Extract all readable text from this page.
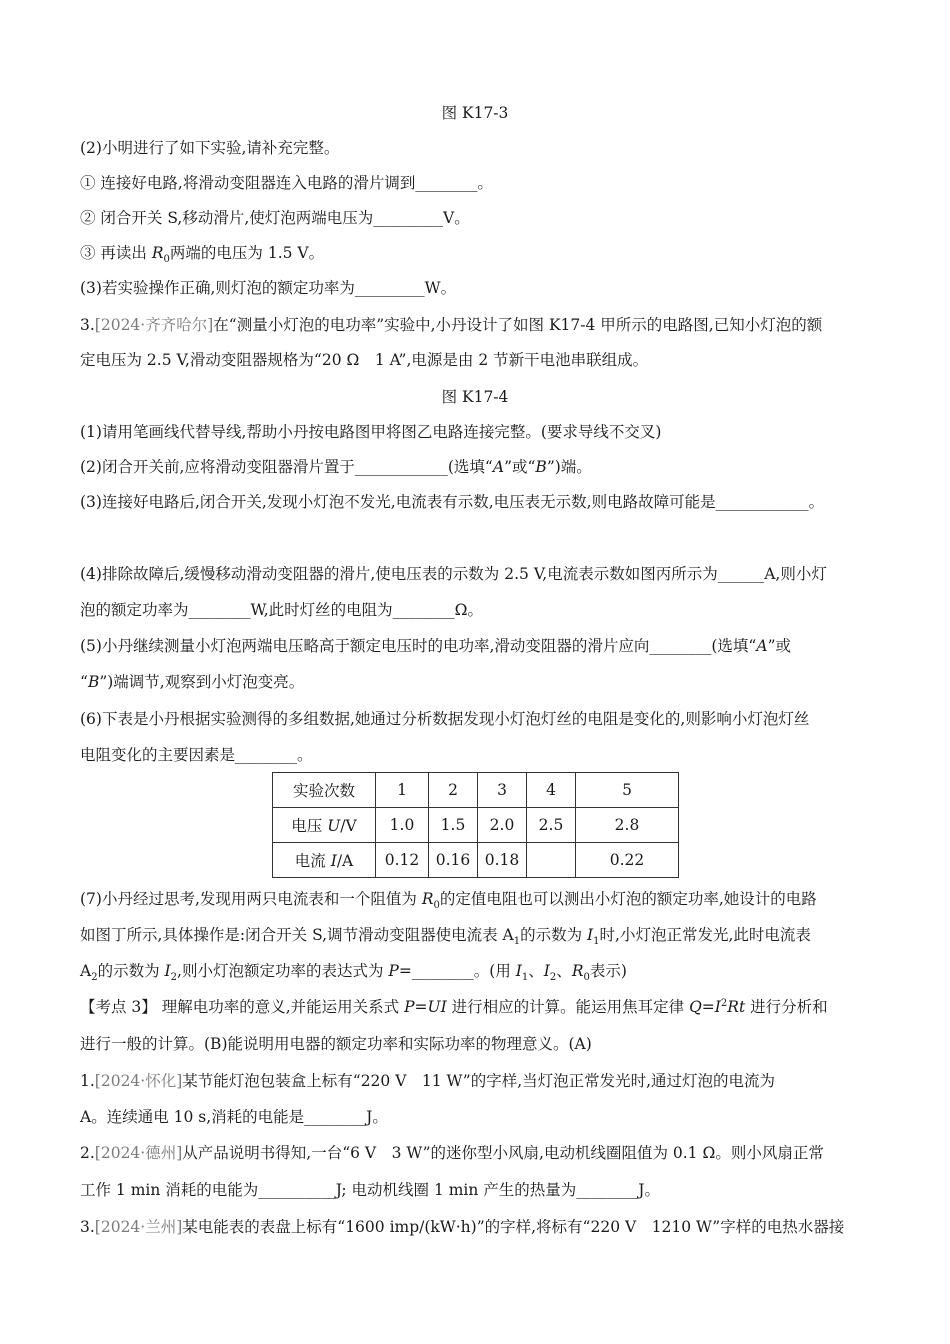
图 K17-3
(2)小明进行了如下实验,请补充完整。
① 连接好电路,将滑动变阻器连入电路的滑片调到________。
② 闭合开关 S,移动滑片,使灯泡两端电压为_________V。
③ 再读出 $R_0$两端的电压为 1.5 V。
(3)若实验操作正确,则灯泡的额定功率为_________W。
3.[2024·齐齐哈尔]在“测量小灯泡的电功率”实验中,小丹设计了如图 K17-4 甲所示的电路图,已知小灯泡的额
定电压为 2.5 V,滑动变阻器规格为“20 Ω　1 A”,电源是由 2 节新干电池串联组成。
图 K17-4
(1)请用笔画线代替导线,帮助小丹按电路图甲将图乙电路连接完整。(要求导线不交叉)
(2)闭合开关前,应将滑动变阻器滑片置于____________(选填“A”或“B”)端。
(3)连接好电路后,闭合开关,发现小灯泡不发光,电流表有示数,电压表无示数,则电路故障可能是____________。
(4)排除故障后,缓慢移动滑动变阻器的滑片,使电压表的示数为 2.5 V,电流表示数如图丙所示为______A,则小灯
泡的额定功率为________W,此时灯丝的电阻为________Ω。
(5)小丹继续测量小灯泡两端电压略高于额定电压时的电功率,滑动变阻器的滑片应向________(选填“A”或
“B”)端调节,观察到小灯泡变亮。
(6)下表是小丹根据实验测得的多组数据,她通过分析数据发现小灯泡灯丝的电阻是变化的,则影响小灯泡灯丝
电阻变化的主要因素是________。
实验次数	1	2	3	4	5
电压 U/V	1.0	1.5	2.0	2.5	2.8
电流 I/A	0.12	0.16	0.18		0.22
(7)小丹经过思考,发现用两只电流表和一个阻值为 $R_0$的定值电阻也可以测出小灯泡的额定功率,她设计的电路
如图丁所示,具体操作是:闭合开关 S,调节滑动变阻器使电流表 $A_1$的示数为 $I_1$时,小灯泡正常发光,此时电流表
$A_2$的示数为 $I_2$,则小灯泡额定功率的表达式为 P=________。(用 $I_1$、$I_2$、$R_0$表示)
【考点 3】 理解电功率的意义,并能运用关系式 P=UI 进行相应的计算。能运用焦耳定律 $Q=I^2Rt$ 进行分析和
进行一般的计算。(B)能说明用电器的额定功率和实际功率的物理意义。(A)
1.[2024·怀化]某节能灯泡包装盒上标有“220 V　11 W”的字样,当灯泡正常发光时,通过灯泡的电流为
A。连续通电 10 s,消耗的电能是________J。
2.[2024·德州]从产品说明书得知,一台“6 V　3 W”的迷你型小风扇,电动机线圈阻值为 0.1 Ω。则小风扇正常
工作 1 min 消耗的电能为__________J; 电动机线圈 1 min 产生的热量为________J。
3.[2024·兰州]某电能表的表盘上标有“1600 imp/(kW·h)”的字样,将标有“220 V　1210 W”字样的电热水器接
